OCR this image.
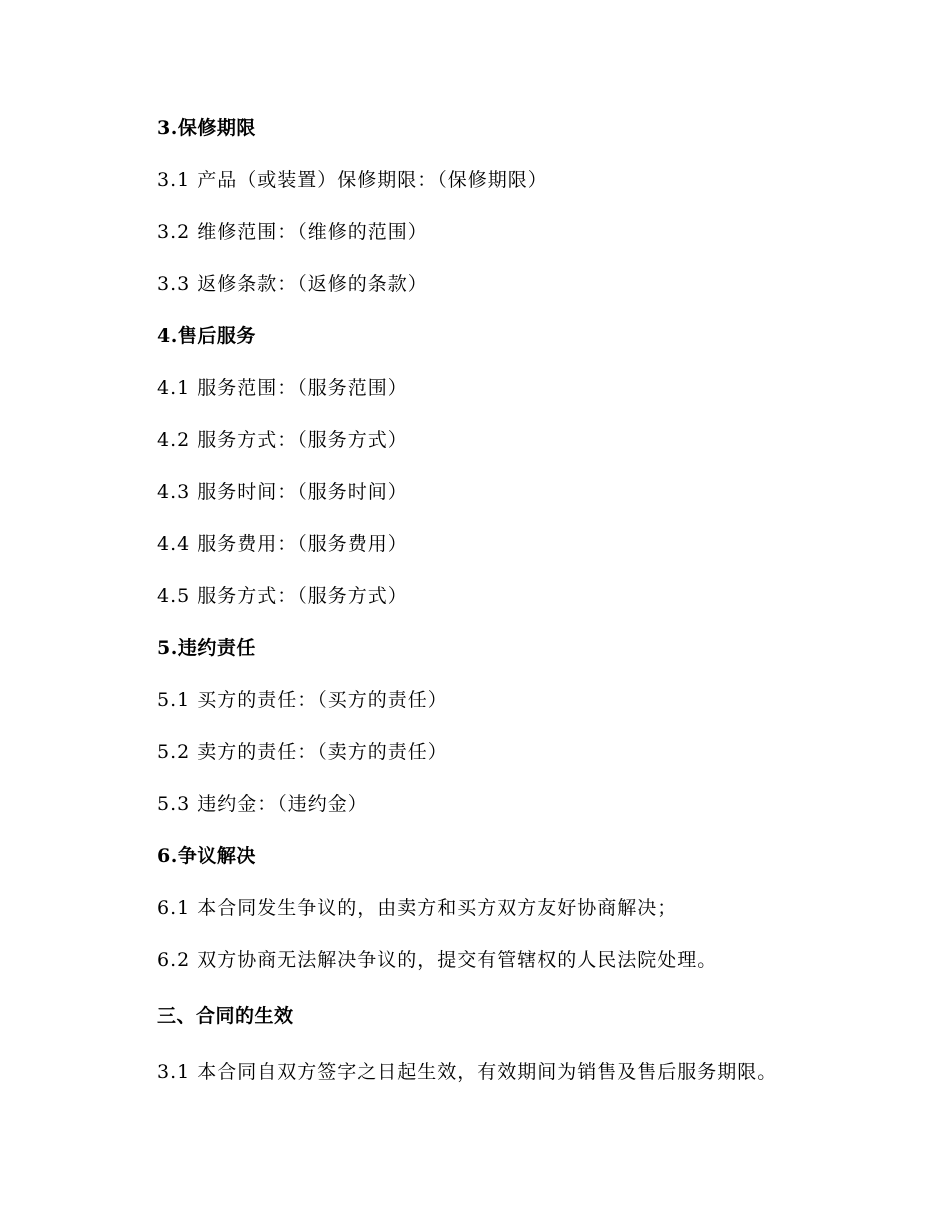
3.保修期限
3.1 产品（或装置）保修期限：（保修期限）
3.2 维修范围：（维修的范围）
3.3 返修条款：（返修的条款）
4.售后服务
4.1 服务范围：（服务范围）
4.2 服务方式：（服务方式）
4.3 服务时间：（服务时间）
4.4 服务费用：（服务费用）
4.5 服务方式：（服务方式）
5.违约责任
5.1 买方的责任：（买方的责任）
5.2 卖方的责任：（卖方的责任）
5.3 违约金：（违约金）
6.争议解决
6.1 本合同发生争议的，由卖方和买方双方友好协商解决；
6.2 双方协商无法解决争议的，提交有管辖权的人民法院处理。
三、合同的生效
3.1 本合同自双方签字之日起生效，有效期间为销售及售后服务期限。
